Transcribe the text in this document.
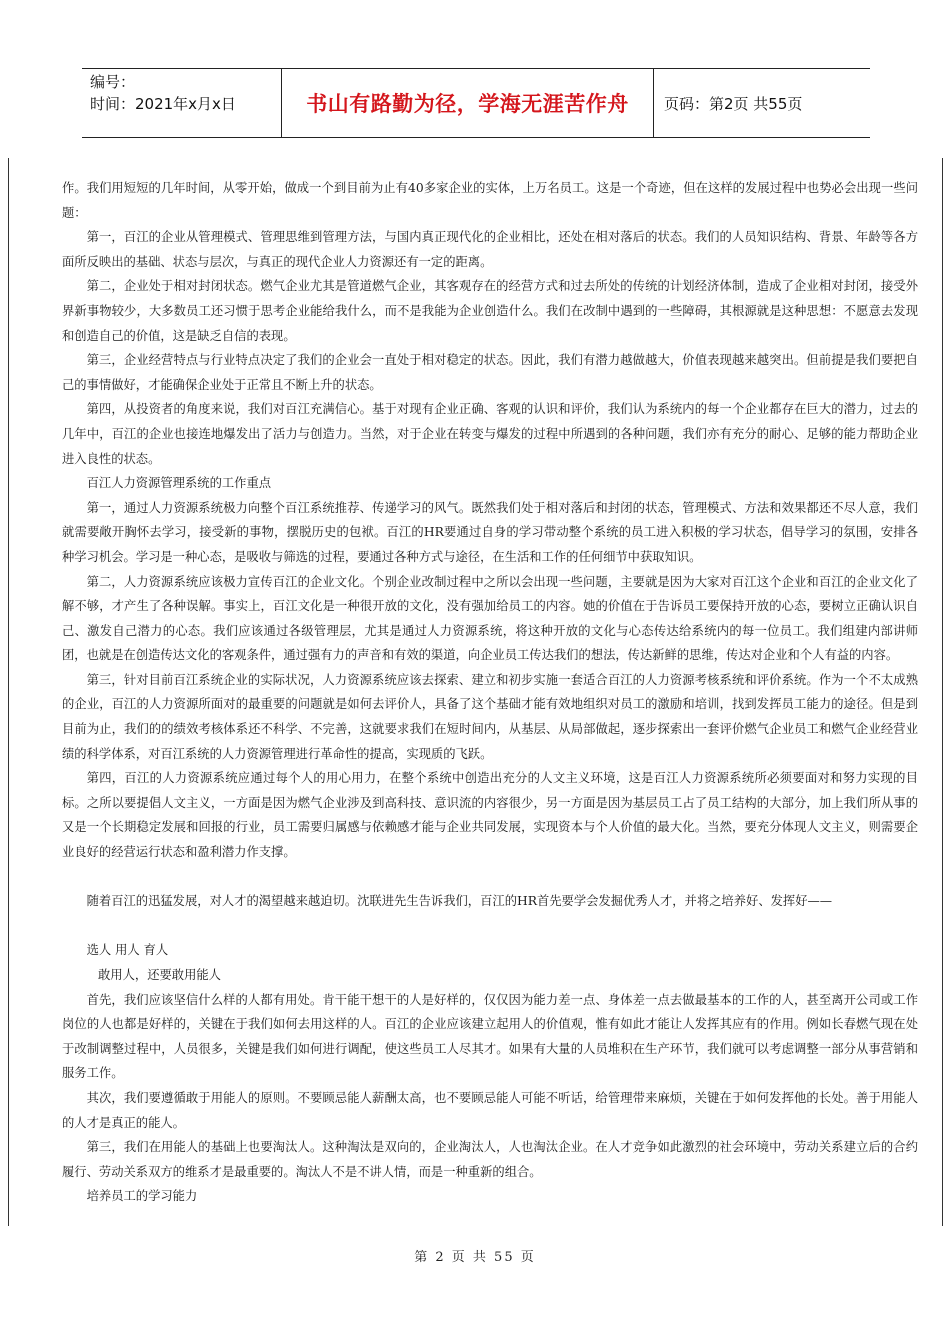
编号：
时间：2021年x月x日	书山有路勤为径，学海无涯苦作舟	页码：第2页 共55页

作。我们用短短的几年时间，从零开始，做成一个到目前为止有40多家企业的实体，上万名员工。这是一个奇迹，但在这样的发展过程中也势必会出现一些问题：

第一，百江的企业从管理模式、管理思维到管理方法，与国内真正现代化的企业相比，还处在相对落后的状态。我们的人员知识结构、背景、年龄等各方面所反映出的基础、状态与层次，与真正的现代企业人力资源还有一定的距离。

第二，企业处于相对封闭状态。燃气企业尤其是管道燃气企业，其客观存在的经营方式和过去所处的传统的计划经济体制，造成了企业相对封闭，接受外界新事物较少，大多数员工还习惯于思考企业能给我什么，而不是我能为企业创造什么。我们在改制中遇到的一些障碍，其根源就是这种思想：不愿意去发现和创造自己的价值，这是缺乏自信的表现。

第三，企业经营特点与行业特点决定了我们的企业会一直处于相对稳定的状态。因此，我们有潜力越做越大，价值表现越来越突出。但前提是我们要把自己的事情做好，才能确保企业处于正常且不断上升的状态。

第四，从投资者的角度来说，我们对百江充满信心。基于对现有企业正确、客观的认识和评价，我们认为系统内的每一个企业都存在巨大的潜力，过去的几年中，百江的企业也接连地爆发出了活力与创造力。当然，对于企业在转变与爆发的过程中所遇到的各种问题，我们亦有充分的耐心、足够的能力帮助企业进入良性的状态。

百江人力资源管理系统的工作重点

第一，通过人力资源系统极力向整个百江系统推荐、传递学习的风气。既然我们处于相对落后和封闭的状态，管理模式、方法和效果都还不尽人意，我们就需要敞开胸怀去学习，接受新的事物，摆脱历史的包袱。百江的HR要通过自身的学习带动整个系统的员工进入积极的学习状态，倡导学习的氛围，安排各种学习机会。学习是一种心态，是吸收与筛选的过程，要通过各种方式与途径，在生活和工作的任何细节中获取知识。

第二，人力资源系统应该极力宣传百江的企业文化。个别企业改制过程中之所以会出现一些问题，主要就是因为大家对百江这个企业和百江的企业文化了解不够，才产生了各种误解。事实上，百江文化是一种很开放的文化，没有强加给员工的内容。她的价值在于告诉员工要保持开放的心态，要树立正确认识自己、激发自己潜力的心态。我们应该通过各级管理层，尤其是通过人力资源系统，将这种开放的文化与心态传达给系统内的每一位员工。我们组建内部讲师团，也就是在创造传达文化的客观条件，通过强有力的声音和有效的渠道，向企业员工传达我们的想法，传达新鲜的思维，传达对企业和个人有益的内容。

第三，针对目前百江系统企业的实际状况，人力资源系统应该去探索、建立和初步实施一套适合百江的人力资源考核系统和评价系统。作为一个不太成熟的企业，百江的人力资源所面对的最重要的问题就是如何去评价人，具备了这个基础才能有效地组织对员工的激励和培训，找到发挥员工能力的途径。但是到目前为止，我们的的绩效考核体系还不科学、不完善，这就要求我们在短时间内，从基层、从局部做起，逐步探索出一套评价燃气企业员工和燃气企业经营业绩的科学体系，对百江系统的人力资源管理进行革命性的提高，实现质的飞跃。

第四，百江的人力资源系统应通过每个人的用心用力，在整个系统中创造出充分的人文主义环境，这是百江人力资源系统所必须要面对和努力实现的目标。之所以要提倡人文主义，一方面是因为燃气企业涉及到高科技、意识流的内容很少，另一方面是因为基层员工占了员工结构的大部分，加上我们所从事的又是一个长期稳定发展和回报的行业，员工需要归属感与依赖感才能与企业共同发展，实现资本与个人价值的最大化。当然，要充分体现人文主义，则需要企业良好的经营运行状态和盈利潜力作支撑。

随着百江的迅猛发展，对人才的渴望越来越迫切。沈联进先生告诉我们，百江的HR首先要学会发掘优秀人才，并将之培养好、发挥好——

选人 用人 育人

敢用人，还要敢用能人

首先，我们应该坚信什么样的人都有用处。肯干能干想干的人是好样的，仅仅因为能力差一点、身体差一点去做最基本的工作的人，甚至离开公司或工作岗位的人也都是好样的，关键在于我们如何去用这样的人。百江的企业应该建立起用人的价值观，惟有如此才能让人发挥其应有的作用。例如长春燃气现在处于改制调整过程中，人员很多，关键是我们如何进行调配，使这些员工人尽其才。如果有大量的人员堆积在生产环节，我们就可以考虑调整一部分从事营销和服务工作。

其次，我们要遵循敢于用能人的原则。不要顾忌能人薪酬太高，也不要顾忌能人可能不听话，给管理带来麻烦，关键在于如何发挥他的长处。善于用能人的人才是真正的能人。

第三，我们在用能人的基础上也要淘汰人。这种淘汰是双向的，企业淘汰人，人也淘汰企业。在人才竞争如此激烈的社会环境中，劳动关系建立后的合约履行、劳动关系双方的维系才是最重要的。淘汰人不是不讲人情，而是一种重新的组合。

培养员工的学习能力

第 2 页 共 55 页
